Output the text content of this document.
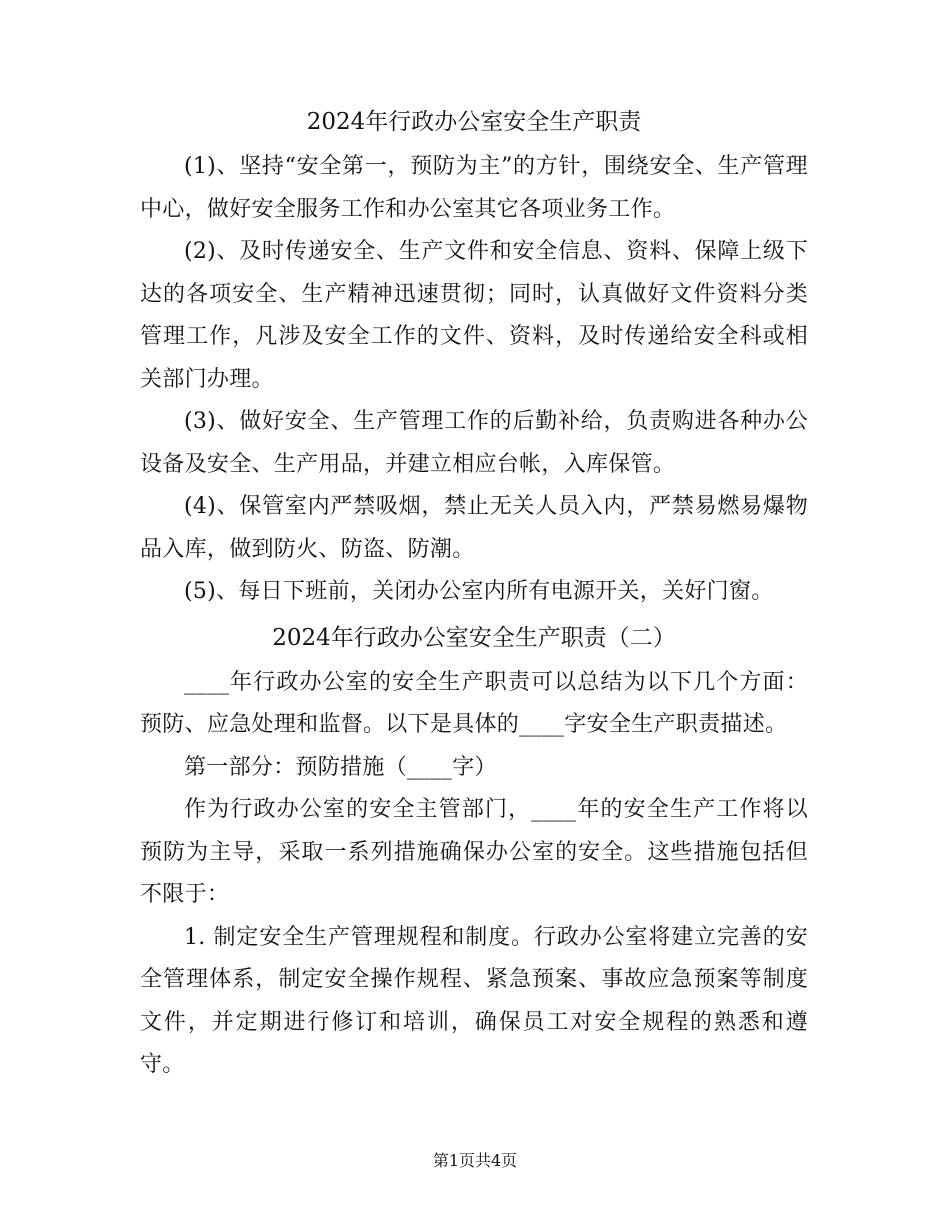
2024年行政办公室安全生产职责

(1)、坚持“安全第一，预防为主”的方针，围绕安全、生产管理中心，做好安全服务工作和办公室其它各项业务工作。

(2)、及时传递安全、生产文件和安全信息、资料、保障上级下达的各项安全、生产精神迅速贯彻；同时，认真做好文件资料分类管理工作，凡涉及安全工作的文件、资料，及时传递给安全科或相关部门办理。

(3)、做好安全、生产管理工作的后勤补给，负责购进各种办公设备及安全、生产用品，并建立相应台帐，入库保管。

(4)、保管室内严禁吸烟，禁止无关人员入内，严禁易燃易爆物品入库，做到防火、防盗、防潮。

(5)、每日下班前，关闭办公室内所有电源开关，关好门窗。

2024年行政办公室安全生产职责（二）

____年行政办公室的安全生产职责可以总结为以下几个方面：预防、应急处理和监督。以下是具体的____字安全生产职责描述。

第一部分：预防措施（____字）

作为行政办公室的安全主管部门，____年的安全生产工作将以预防为主导，采取一系列措施确保办公室的安全。这些措施包括但不限于：

1. 制定安全生产管理规程和制度。行政办公室将建立完善的安全管理体系，制定安全操作规程、紧急预案、事故应急预案等制度文件，并定期进行修订和培训，确保员工对安全规程的熟悉和遵守。

第1页共4页
